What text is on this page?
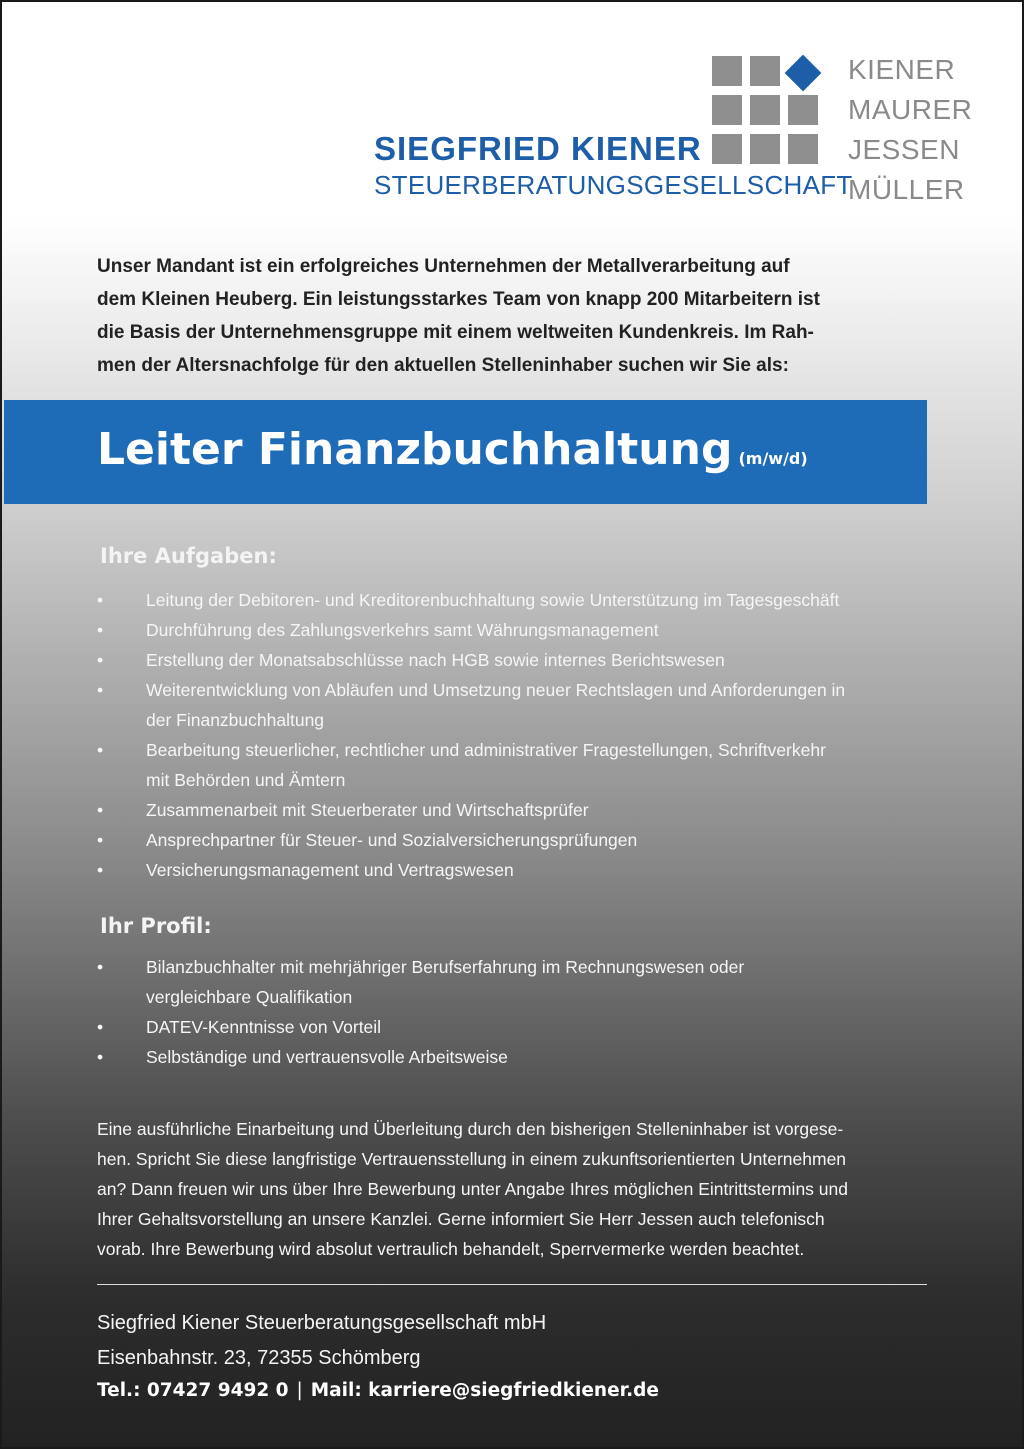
SIEGFRIED KIENER
STEUERBERATUNGSGESELLSCHAFT
KIENER
MAURER
JESSEN
MÜLLER
Unser Mandant ist ein erfolgreiches Unternehmen der Metallverarbeitung auf
dem Kleinen Heuberg. Ein leistungsstarkes Team von knapp 200 Mitarbeitern ist
die Basis der Unternehmensgruppe mit einem weltweiten Kundenkreis. Im Rah-
men der Altersnachfolge für den aktuellen Stelleninhaber suchen wir Sie als:
Leiter Finanzbuchhaltung (m/w/d)
Ihre Aufgaben:
• Leitung der Debitoren- und Kreditorenbuchhaltung sowie Unterstützung im Tagesgeschäft
• Durchführung des Zahlungsverkehrs samt Währungsmanagement
• Erstellung der Monatsabschlüsse nach HGB sowie internes Berichtswesen
• Weiterentwicklung von Abläufen und Umsetzung neuer Rechtslagen und Anforderungen in
der Finanzbuchhaltung
• Bearbeitung steuerlicher, rechtlicher und administrativer Fragestellungen, Schriftverkehr
mit Behörden und Ämtern
• Zusammenarbeit mit Steuerberater und Wirtschaftsprüfer
• Ansprechpartner für Steuer- und Sozialversicherungsprüfungen
• Versicherungsmanagement und Vertragswesen
Ihr Profil:
• Bilanzbuchhalter mit mehrjähriger Berufserfahrung im Rechnungswesen oder
vergleichbare Qualifikation
• DATEV-Kenntnisse von Vorteil
• Selbständige und vertrauensvolle Arbeitsweise
Eine ausführliche Einarbeitung und Überleitung durch den bisherigen Stelleninhaber ist vorgese-
hen. Spricht Sie diese langfristige Vertrauensstellung in einem zukunftsorientierten Unternehmen
an? Dann freuen wir uns über Ihre Bewerbung unter Angabe Ihres möglichen Eintrittstermins und
Ihrer Gehaltsvorstellung an unsere Kanzlei. Gerne informiert Sie Herr Jessen auch telefonisch
vorab. Ihre Bewerbung wird absolut vertraulich behandelt, Sperrvermerke werden beachtet.
Siegfried Kiener Steuerberatungsgesellschaft mbH
Eisenbahnstr. 23, 72355 Schömberg
Tel.: 07427 9492 0 | Mail: karriere@siegfriedkiener.de
